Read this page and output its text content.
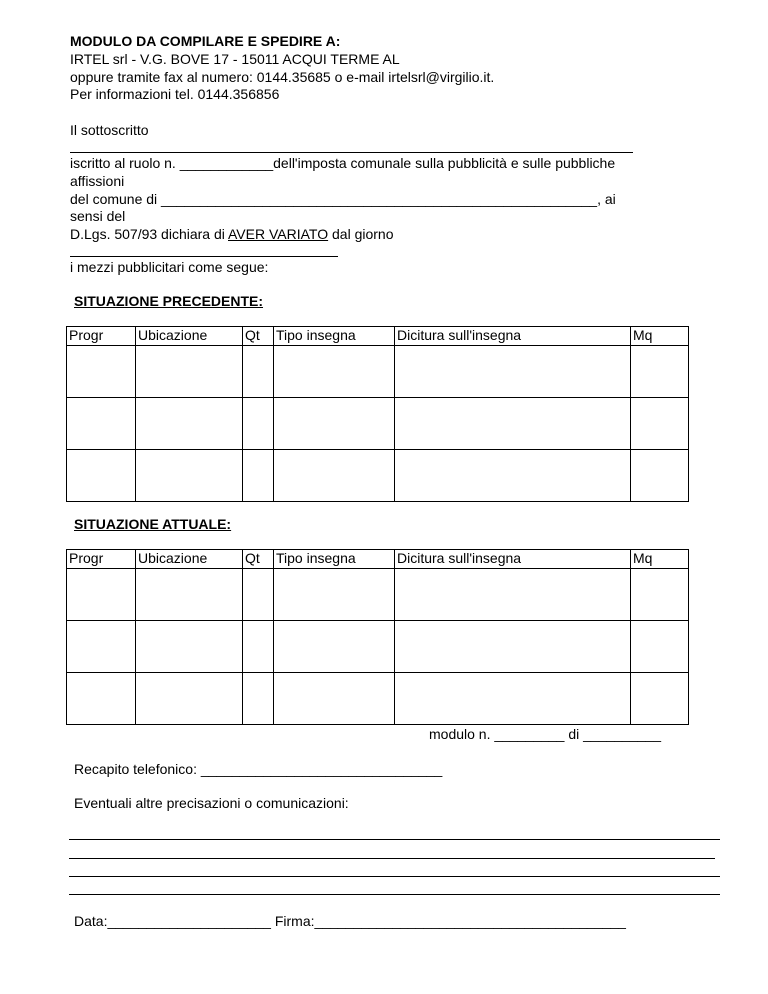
MODULO DA COMPILARE E SPEDIRE A:
IRTEL srl - V.G. BOVE 17 - 15011 ACQUI TERME AL
oppure tramite fax al numero: 0144.35685 o e-mail irtelsrl@virgilio.it.
Per informazioni tel. 0144.356856
Il sottoscritto
iscritto al ruolo n. ____________dell'imposta comunale sulla pubblicità e sulle pubbliche
affissioni
del comune di ________________________________________________________, ai
sensi del
D.Lgs. 507/93 dichiara di AVER VARIATO dal giorno
i mezzi pubblicitari come segue:
SITUAZIONE PRECEDENTE:
Progr	Ubicazione	Qt	Tipo insegna	Dicitura sull'insegna	Mq

SITUAZIONE ATTUALE:
Progr	Ubicazione	Qt	Tipo insegna	Dicitura sull'insegna	Mq

modulo n. _________ di __________
Recapito telefonico: _______________________________
Eventuali altre precisazioni o comunicazioni:
Data:_____________________ Firma:________________________________________
